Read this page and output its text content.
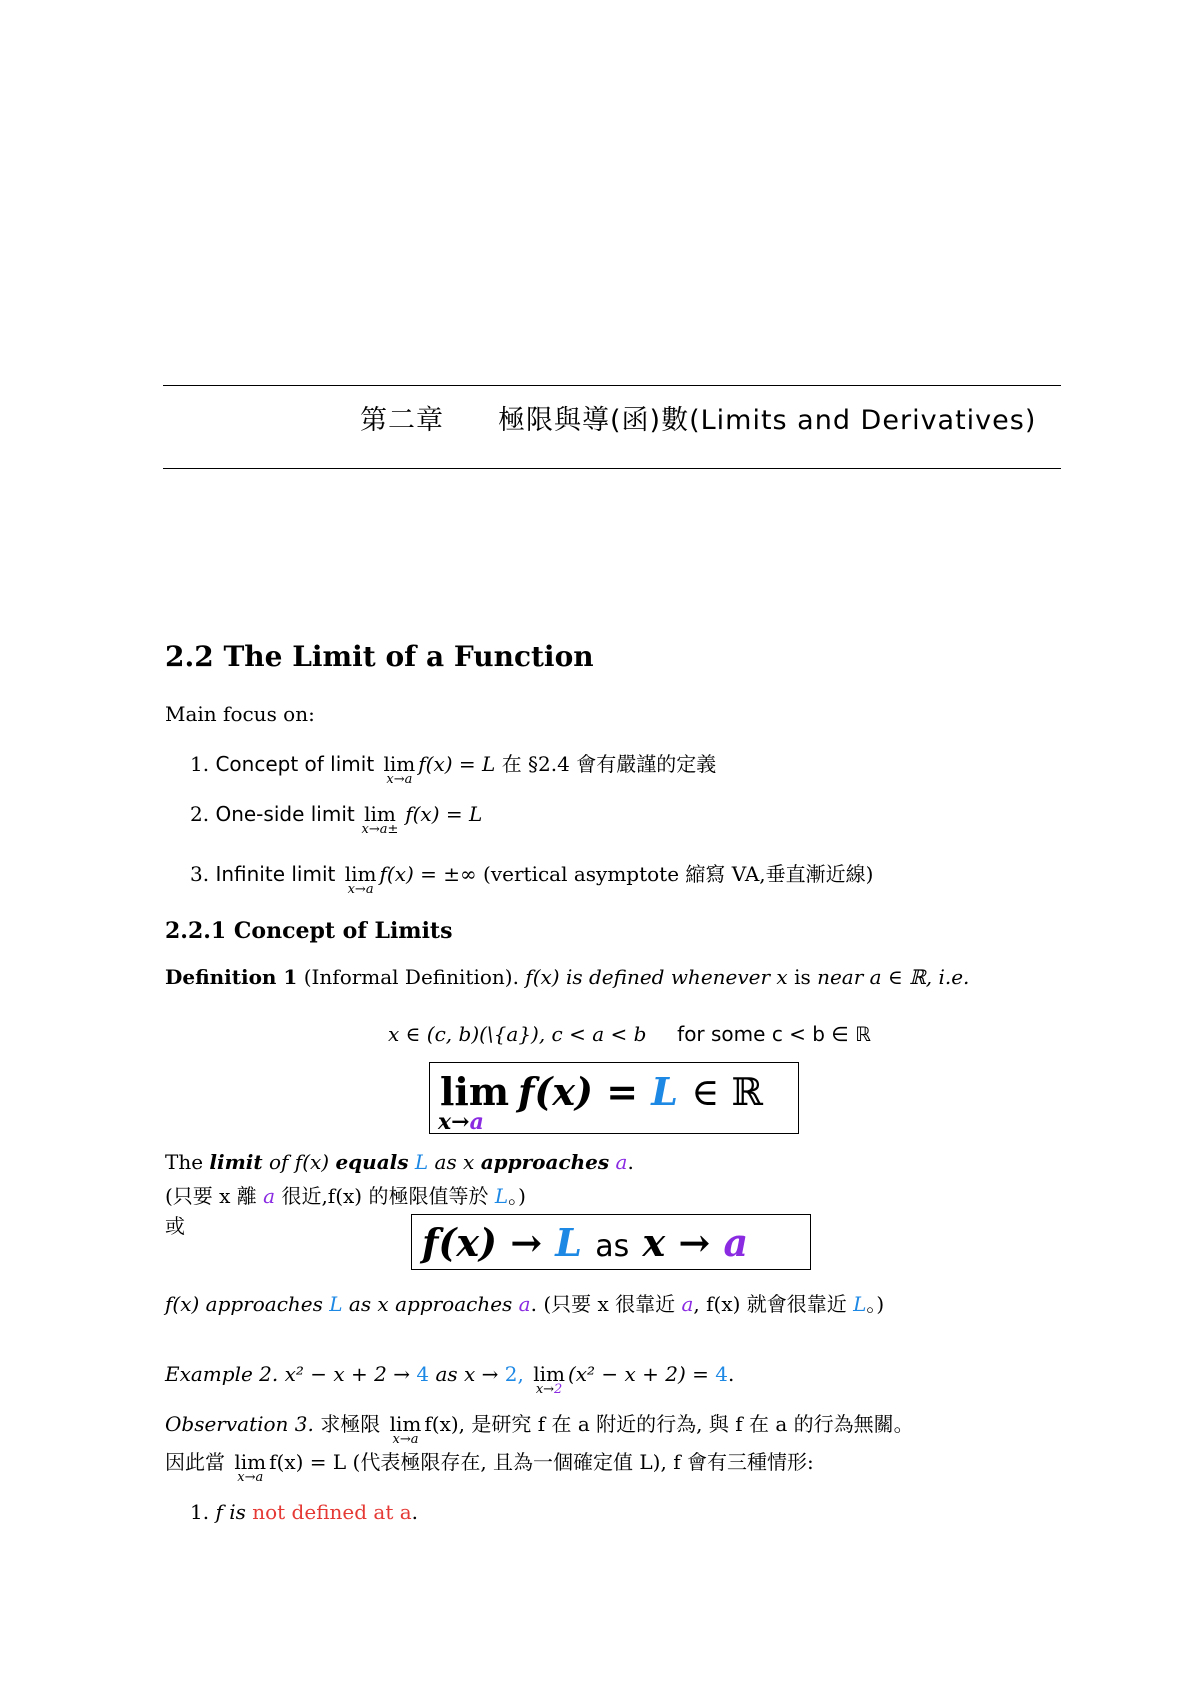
第二章 極限與導(函)數(Limits and Derivatives)
2.2 The Limit of a Function
Main focus on:
1. Concept of limit lim
x→a
f(x) = L 在 §2.4 會有嚴謹的定義
2. One-side limit lim
x→a±
f(x) = L
3. Infinite limit lim
x→a
f(x) = ±∞ (vertical asymptote 縮寫 VA,垂直漸近線)
2.2.1 Concept of Limits
Definition 1 (Informal Definition). f(x) is defined whenever x is near a ∈ ℝ, i.e.
x ∈ (c, b)(\{a}), c < a < b for some c < b ∈ ℝ
lim
x→a
f(x) = L ∈ ℝ
The limit of f(x) equals L as x approaches a.
(只要 x 離 a 很近,f(x) 的極限值等於 L。)
或	f(x) → L as x → a
f(x) approaches L as x approaches a. (只要 x 很靠近 a, f(x) 就會很靠近 L。)
Example 2. x² − x + 2 → 4 as x → 2, lim
x→2
(x² − x + 2) = 4.
Observation 3. 求極限 lim
x→a
f(x), 是研究 f 在 a 附近的行為, 與 f 在 a 的行為無關。
因此當 lim
x→a
f(x) = L (代表極限存在, 且為一個確定值 L), f 會有三種情形:
1. f is not defined at a.
